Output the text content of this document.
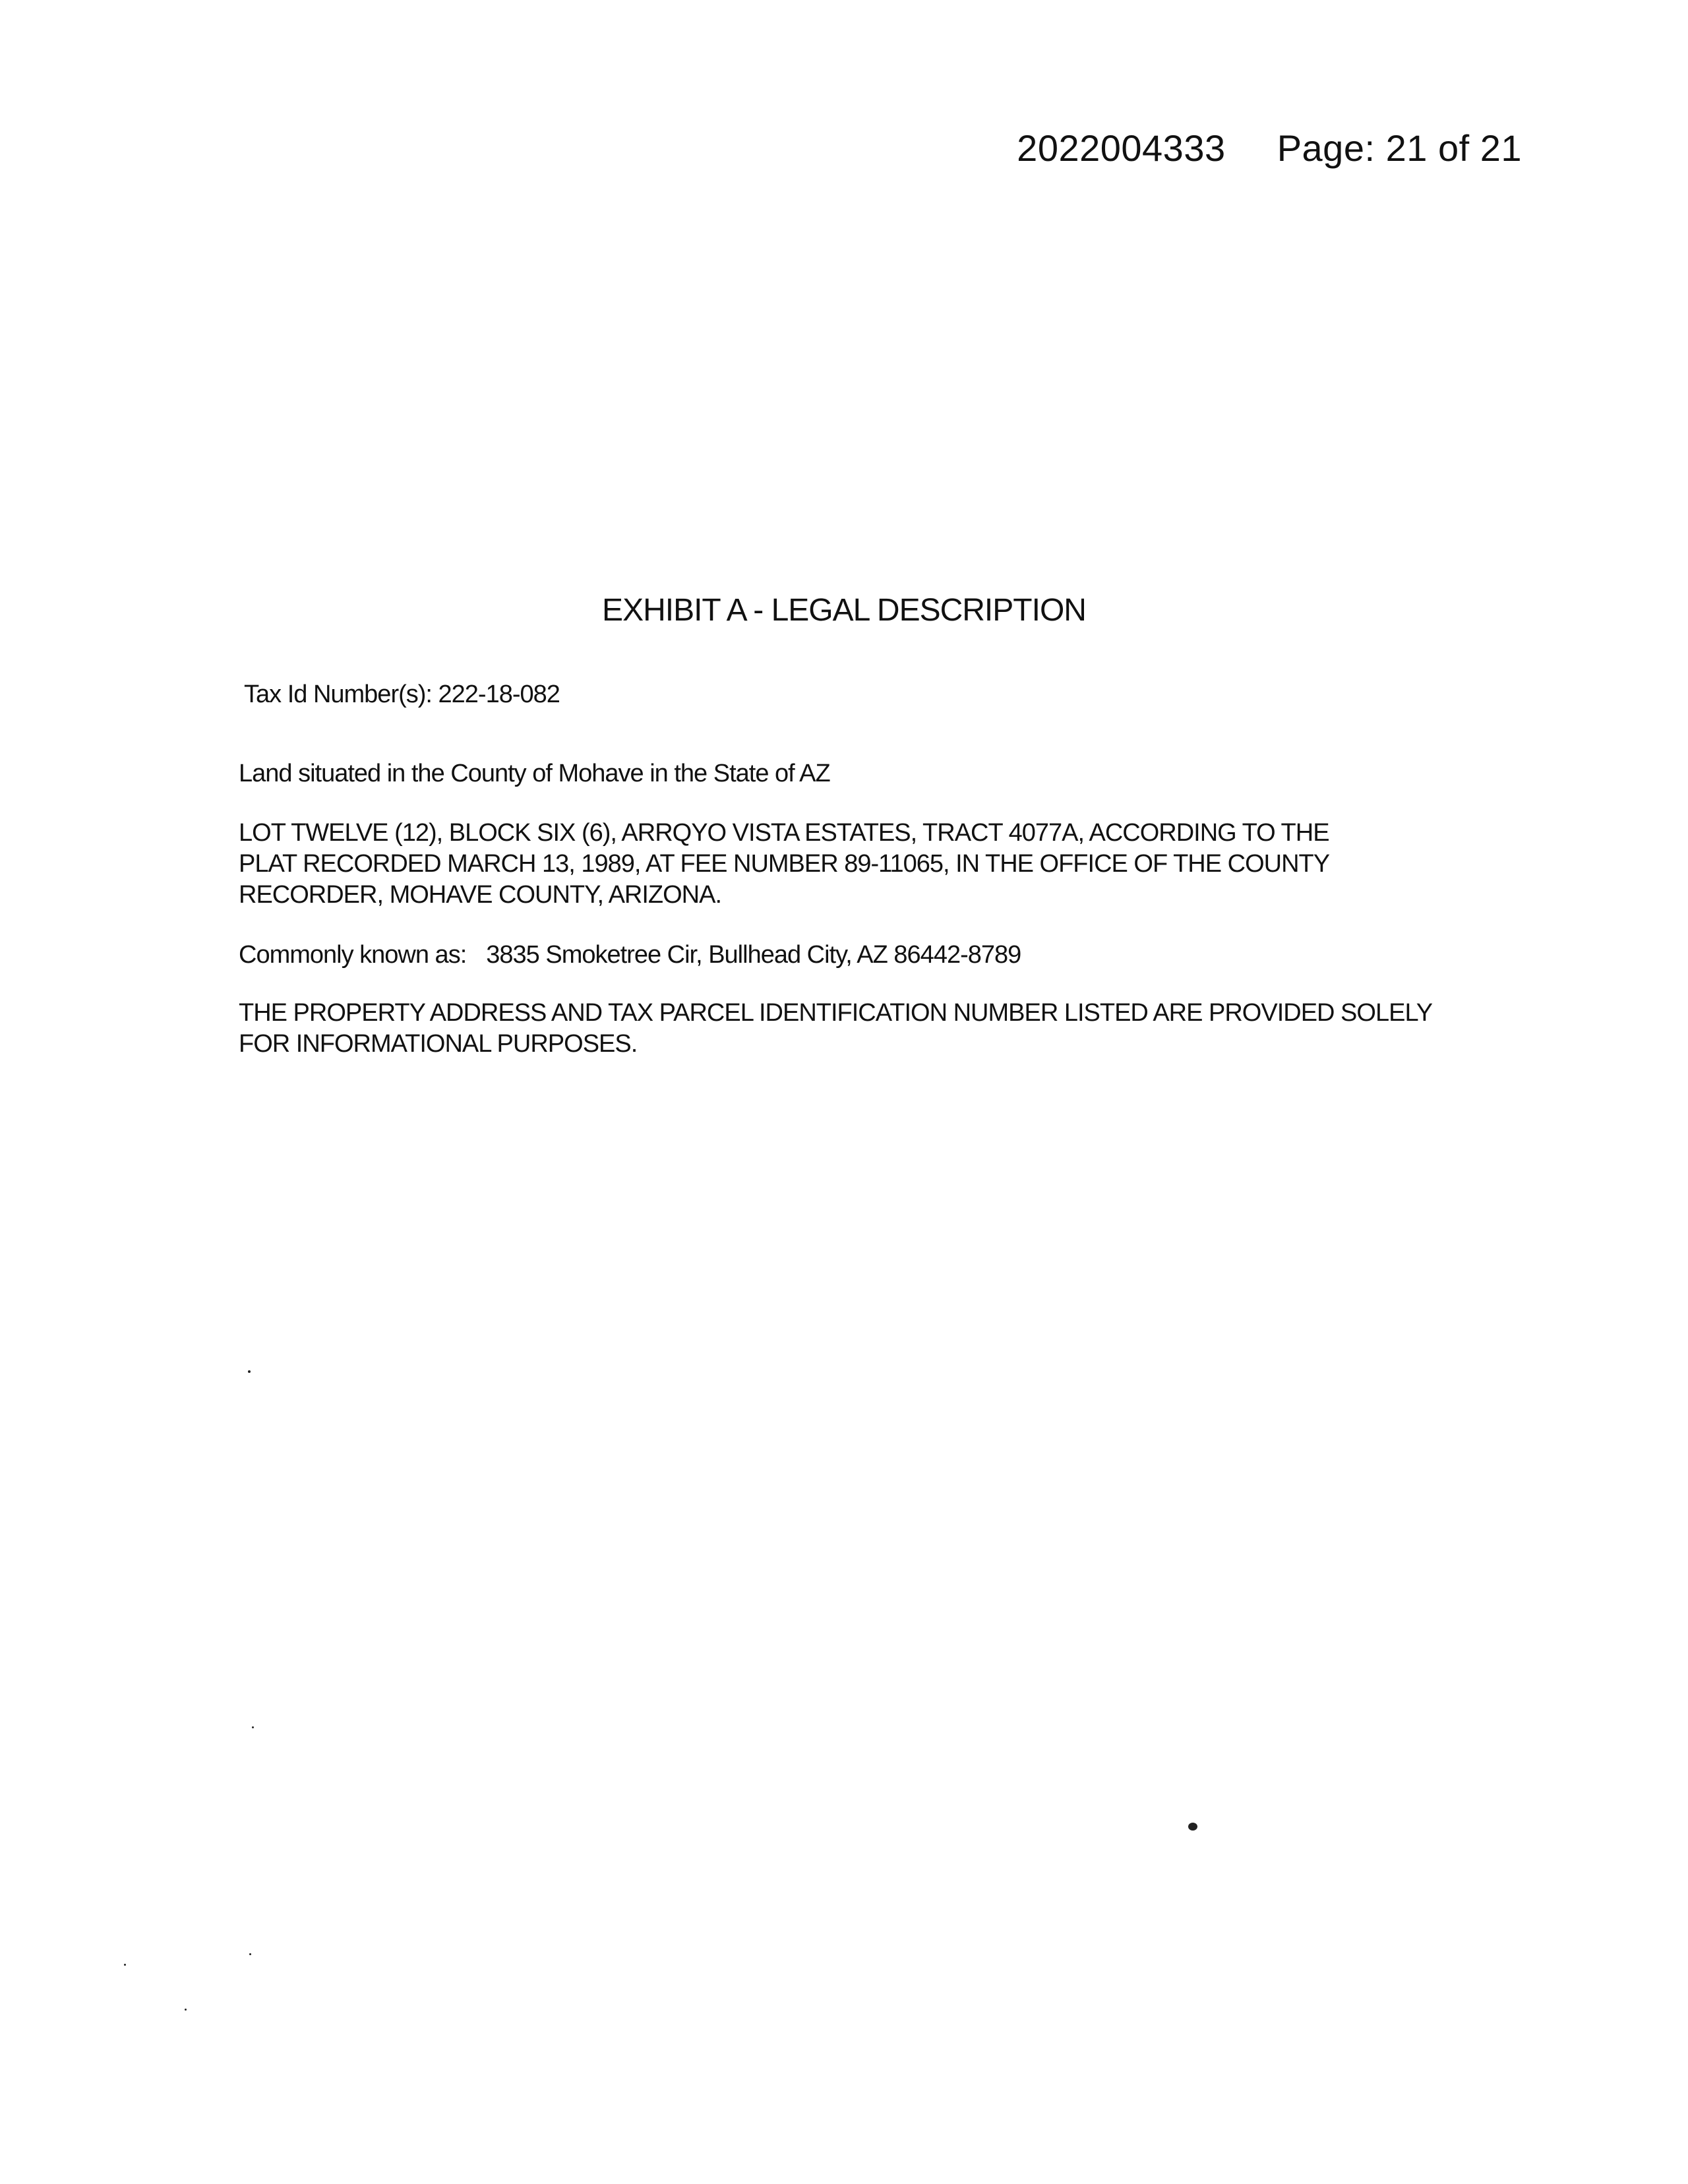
2022004333 Page: 21 of 21
EXHIBIT A - LEGAL DESCRIPTION
Tax Id Number(s): 222-18-082
Land situated in the County of Mohave in the State of AZ
LOT TWELVE (12), BLOCK SIX (6), ARRQYO VISTA ESTATES, TRACT 4077A, ACCORDING TO THE PLAT RECORDED MARCH 13, 1989, AT FEE NUMBER 89-11065, IN THE OFFICE OF THE COUNTY RECORDER, MOHAVE COUNTY, ARIZONA.
Commonly known as: 3835 Smoketree Cir, Bullhead City, AZ 86442-8789
THE PROPERTY ADDRESS AND TAX PARCEL IDENTIFICATION NUMBER LISTED ARE PROVIDED SOLELY FOR INFORMATIONAL PURPOSES.
